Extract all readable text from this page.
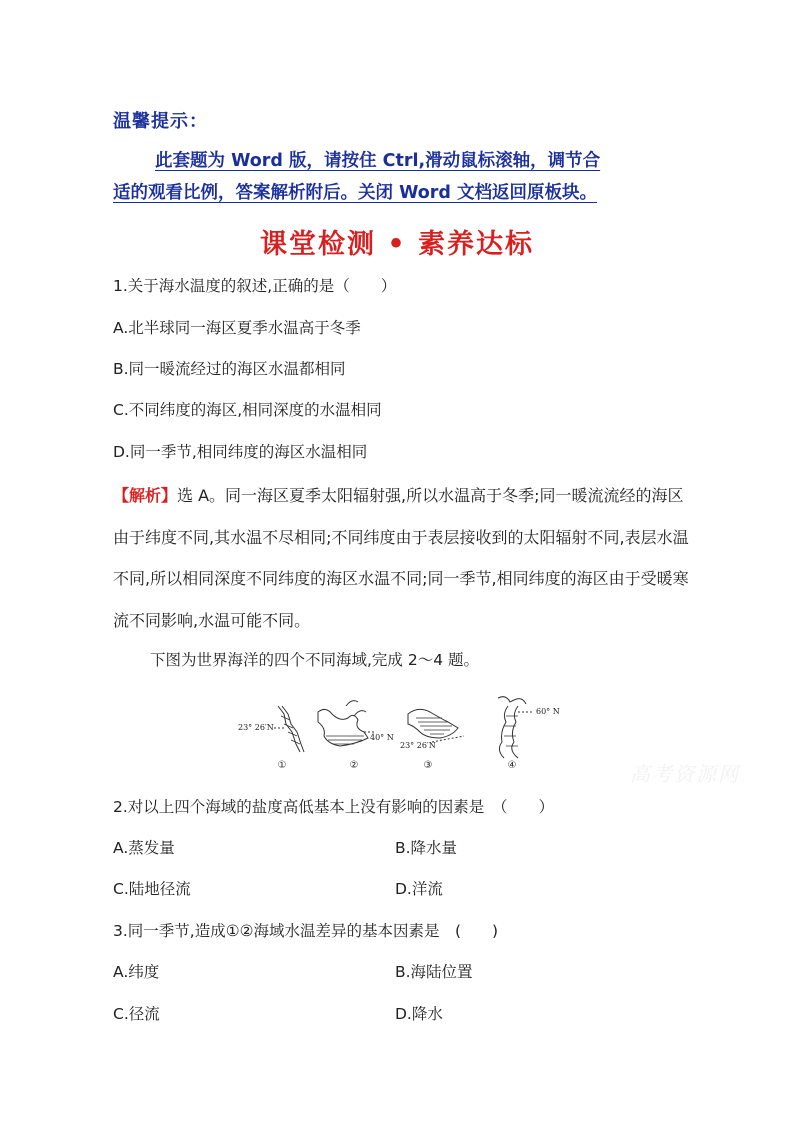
温馨提示：
此套题为 Word 版，请按住 Ctrl,滑动鼠标滚轴，调节合
适的观看比例，答案解析附后。关闭 Word 文档返回原板块。
课堂检测 • 素养达标
1.关于海水温度的叙述,正确的是（　　）
A.北半球同一海区夏季水温高于冬季
B.同一暖流经过的海区水温都相同
C.不同纬度的海区,相同深度的水温相同
D.同一季节,相同纬度的海区水温相同
【解析】选 A。同一海区夏季太阳辐射强,所以水温高于冬季;同一暖流流经的海区由于纬度不同,其水温不尽相同;不同纬度由于表层接收到的太阳辐射不同,表层水温不同,所以相同深度不同纬度的海区水温不同;同一季节,相同纬度的海区由于受暖寒流不同影响,水温可能不同。
下图为世界海洋的四个不同海域,完成 2～4 题。
23° 26′N
40° N
23° 26′N
60° N
①	②	③	④	高考资源网
2.对以上四个海域的盐度高低基本上没有影响的因素是　（　　）
A.蒸发量	B.降水量
C.陆地径流	D.洋流
3.同一季节,造成①②海域水温差异的基本因素是　(　　)
A.纬度	B.海陆位置
C.径流	D.降水
